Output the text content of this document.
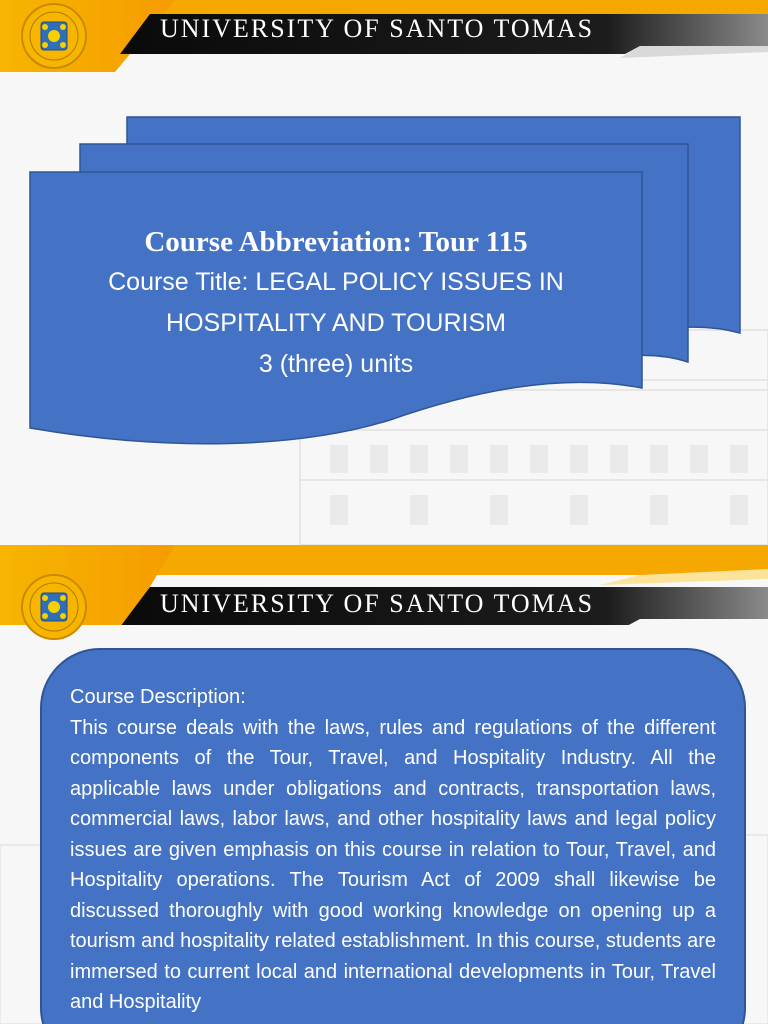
Course Abbreviation: Tour 115
Course Title: LEGAL POLICY ISSUES IN HOSPITALITY AND TOURISM
3 (three) units
UNIVERSITY OF SANTO TOMAS
UNIVERSITY OF SANTO TOMAS
Course Description:
This course deals with the laws, rules and regulations of the different components of the Tour, Travel, and Hospitality Industry. All the applicable laws under obligations and contracts, transportation laws, commercial laws, labor laws, and other hospitality laws and legal policy issues are given emphasis on this course in relation to Tour, Travel, and Hospitality operations. The Tourism Act of 2009 shall likewise be discussed thoroughly with good working knowledge on opening up a tourism and hospitality related establishment. In this course, students are immersed to current local and international developments in Tour, Travel and Hospitality
